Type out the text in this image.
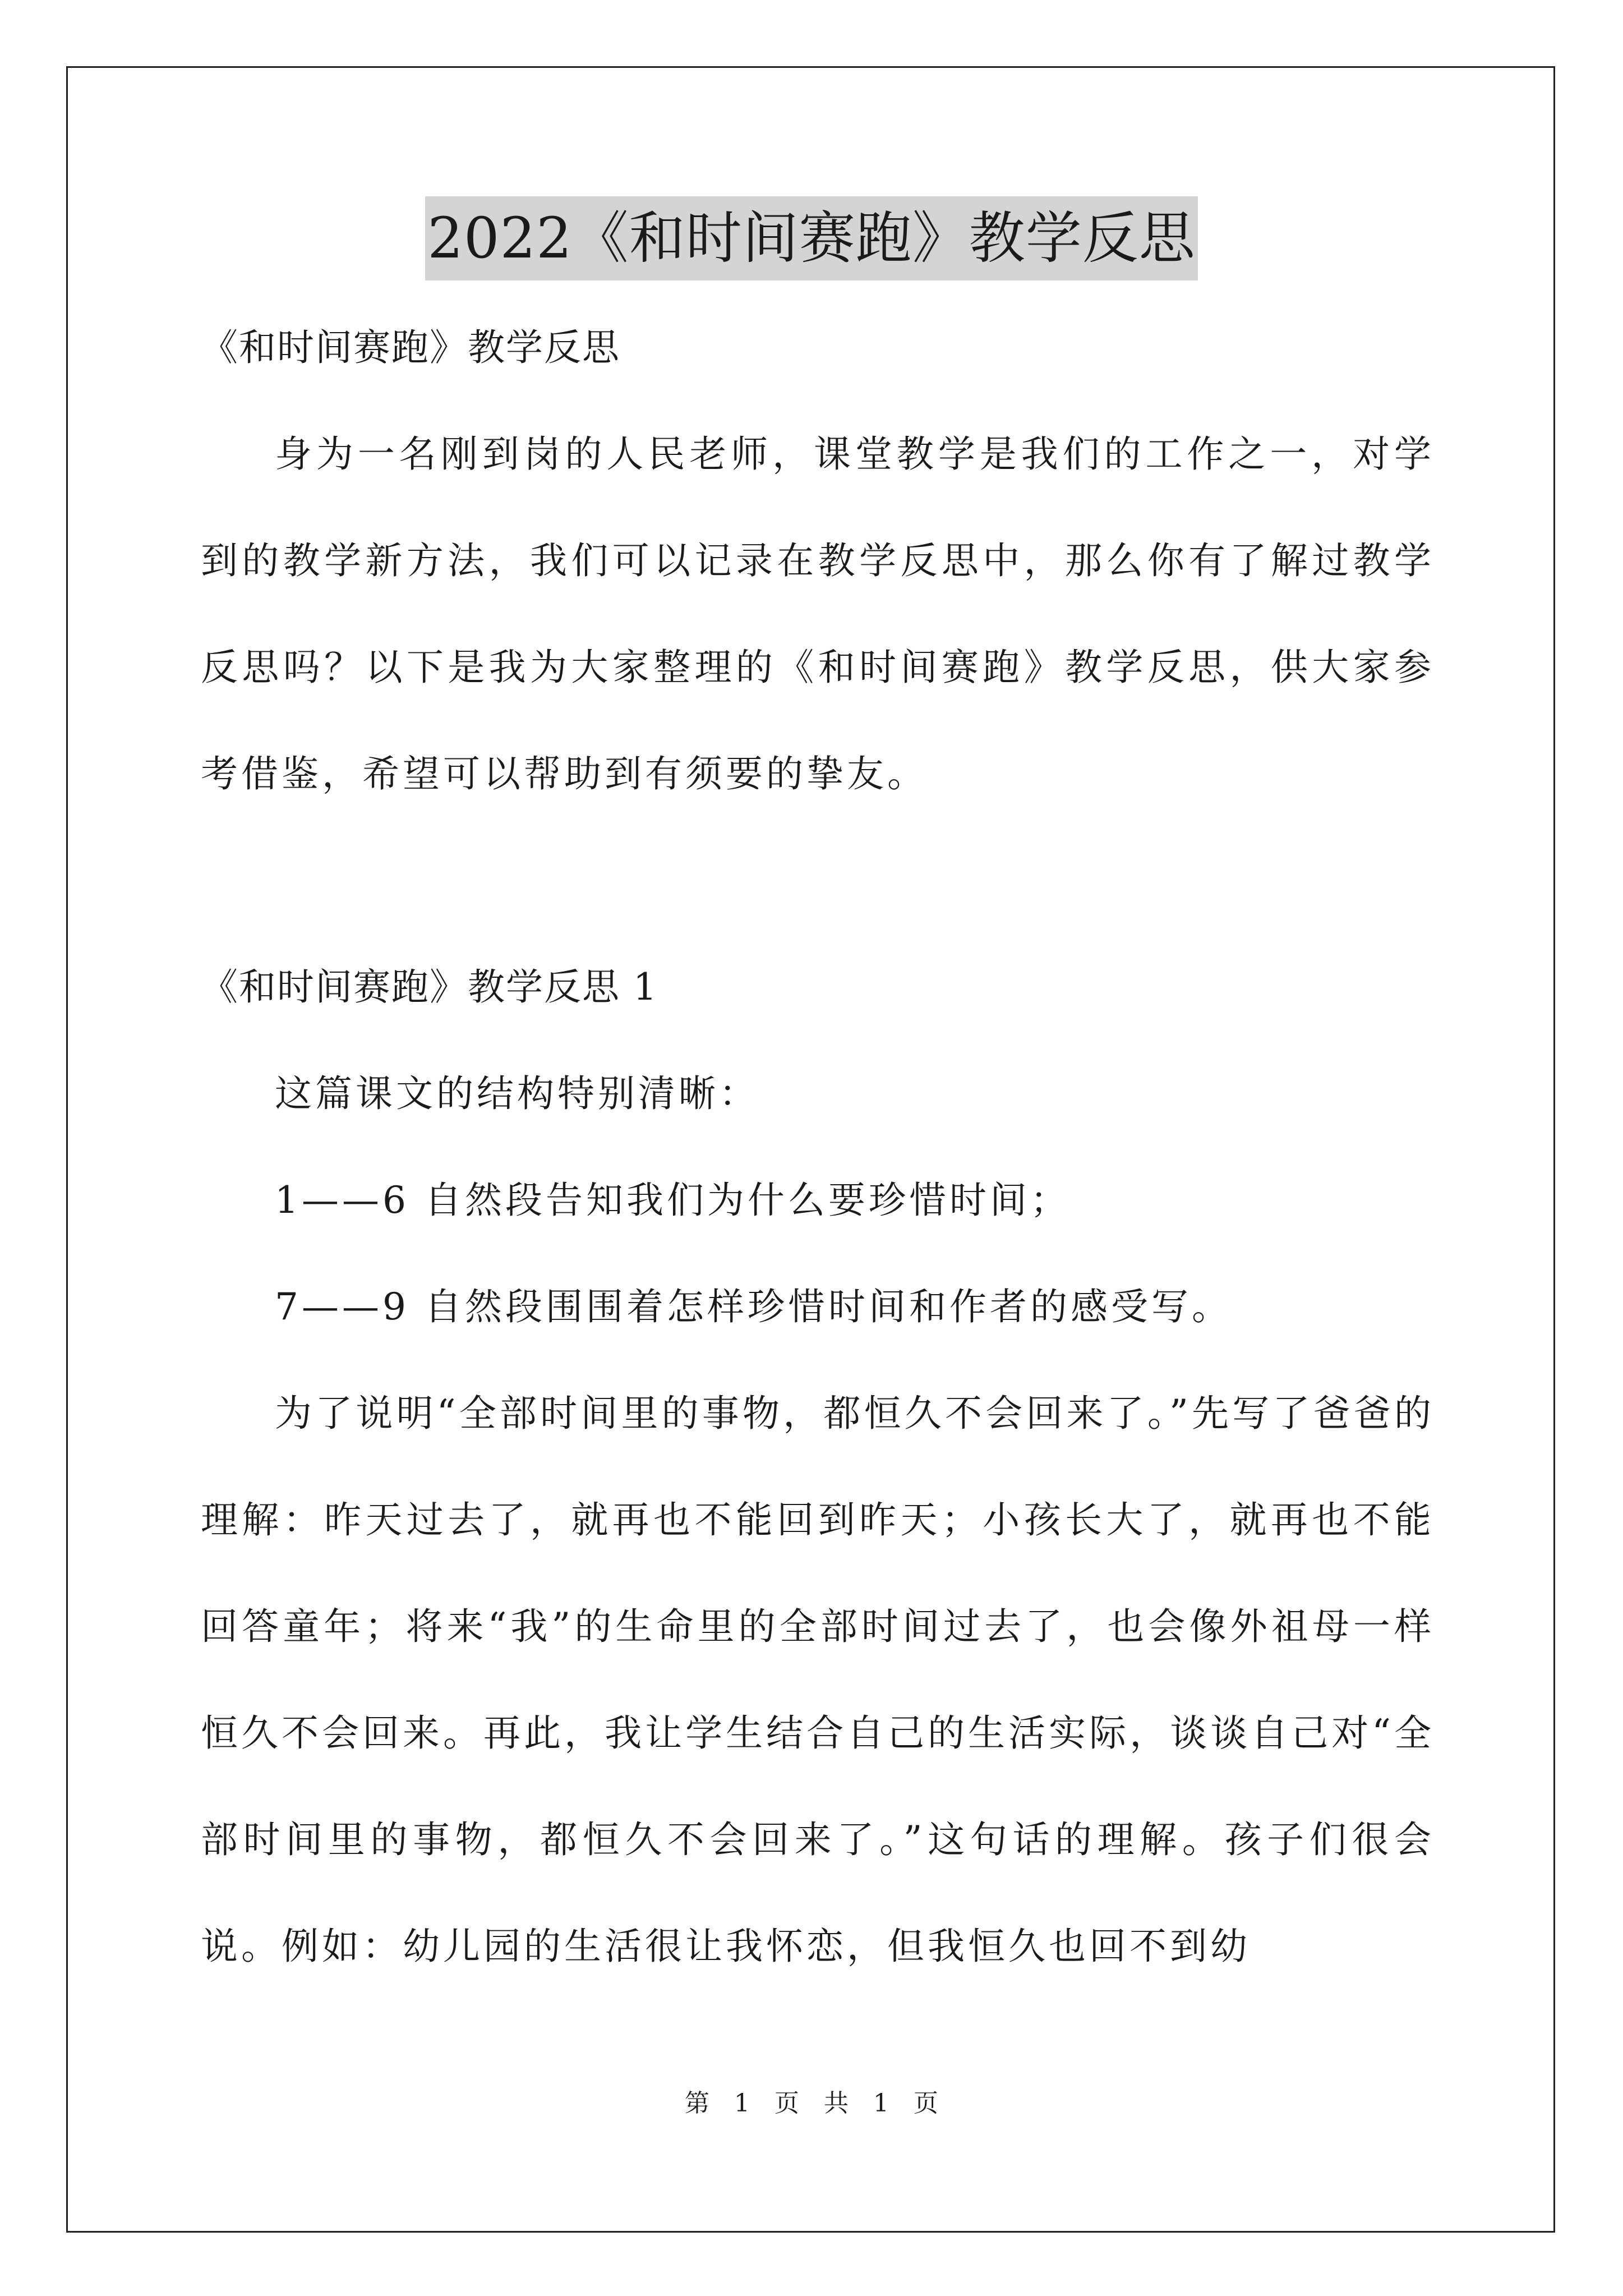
2022《和时间赛跑》教学反思

《和时间赛跑》教学反思

身为一名刚到岗的人民老师，课堂教学是我们的工作之一，对学到的教学新方法，我们可以记录在教学反思中，那么你有了解过教学反思吗？以下是我为大家整理的《和时间赛跑》教学反思，供大家参考借鉴，希望可以帮助到有须要的挚友。

《和时间赛跑》教学反思 1

这篇课文的结构特别清晰：

1——6 自然段告知我们为什么要珍惜时间；

7——9 自然段围围着怎样珍惜时间和作者的感受写。

为了说明“全部时间里的事物，都恒久不会回来了。”先写了爸爸的理解：昨天过去了，就再也不能回到昨天；小孩长大了，就再也不能回答童年；将来“我”的生命里的全部时间过去了，也会像外祖母一样恒久不会回来。再此，我让学生结合自己的生活实际，谈谈自己对“全部时间里的事物，都恒久不会回来了。”这句话的理解。孩子们很会说。例如：幼儿园的生活很让我怀恋，但我恒久也回不到幼

第 1 页 共 1 页
